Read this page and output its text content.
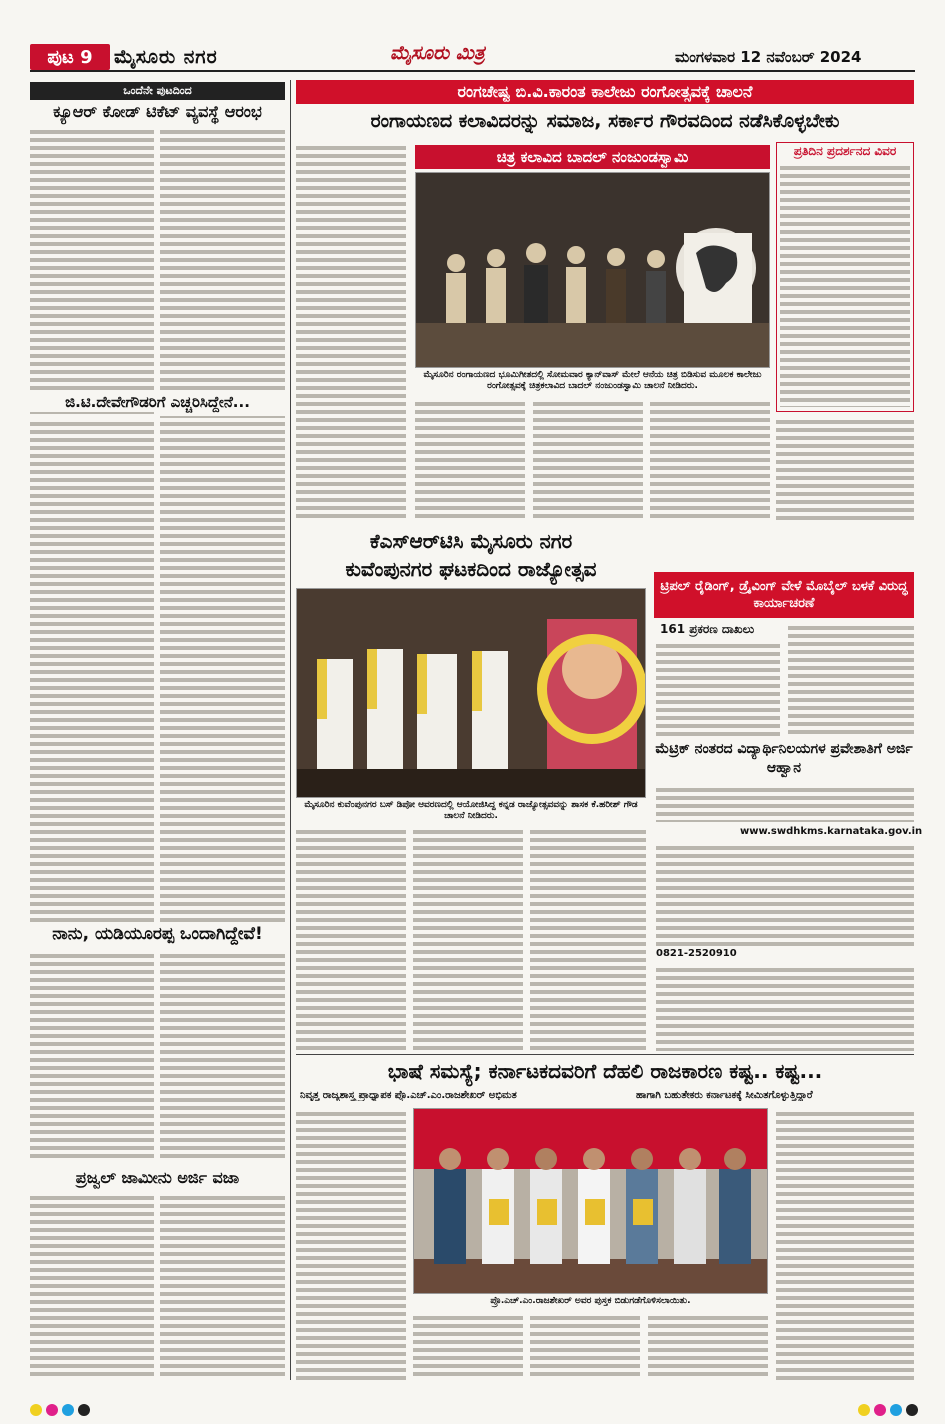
ಪುಟ 9	ಮೈಸೂರು ನಗರ	ಮೈಸೂರು ಮಿತ್ರ	ಮಂಗಳವಾರ 12 ನವೆಂಬರ್ 2024
ಒಂದೆನೇ ಪುಟದಿಂದ
ಕ್ಯೂಆರ್ ಕೋಡ್ ಟಿಕೆಟ್ ವ್ಯವಸ್ಥೆ ಆರಂಭ
ಜಿ.ಟಿ.ದೇವೇಗೌಡರಿಗೆ ಎಚ್ಚರಿಸಿದ್ದೇನೆ...
ನಾನು, ಯಡಿಯೂರಪ್ಪ ಒಂದಾಗಿದ್ದೇವೆ!
ಪ್ರಜ್ವಲ್ ಜಾಮೀನು ಅರ್ಜಿ ವಜಾ
ರಂಗಚೇಷ್ಟ ಬಿ.ವಿ.ಕಾರಂತ ಕಾಲೇಜು ರಂಗೋತ್ಸವಕ್ಕೆ ಚಾಲನೆ
ರಂಗಾಯಣದ ಕಲಾವಿದರನ್ನು ಸಮಾಜ, ಸರ್ಕಾರ ಗೌರವದಿಂದ ನಡೆಸಿಕೊಳ್ಳಬೇಕು
ಚಿತ್ರ ಕಲಾವಿದ ಬಾದಲ್ ನಂಜುಂಡಸ್ವಾಮಿ
ಮೈಸೂರಿನ ರಂಗಾಯಣದ ಭೂಮಿಗೀತದಲ್ಲಿ ಸೋಮವಾರ ಕ್ಯಾನ್‌ವಾಸ್ ಮೇಲೆ ಆನೆಯ ಚಿತ್ರ ಬಿಡಿಸುವ ಮೂಲಕ ಕಾಲೇಜು ರಂಗೋತ್ಸವಕ್ಕೆ ಚಿತ್ರಕಲಾವಿದ ಬಾದಲ್ ನಂಜುಂಡಸ್ವಾಮಿ ಚಾಲನೆ ನೀಡಿದರು.
ಪ್ರತಿದಿನ ಪ್ರದರ್ಶನದ ವಿವರ
ಕೆಎಸ್‌ಆರ್‌ಟಿಸಿ ಮೈಸೂರು ನಗರ
ಕುವೆಂಪುನಗರ ಘಟಕದಿಂದ ರಾಜ್ಯೋತ್ಸವ
ಮೈಸೂರಿನ ಕುವೆಂಪುನಗರ ಬಸ್ ಡಿಪೋ ಆವರಣದಲ್ಲಿ ಆಯೋಜಿಸಿದ್ದ ಕನ್ನಡ ರಾಜ್ಯೋತ್ಸವವನ್ನು ಶಾಸಕ ಕೆ.ಹರೀಶ್ ಗೌಡ ಚಾಲನೆ ನೀಡಿದರು.
ಟ್ರಿಪಲ್ ರೈಡಿಂಗ್, ಡ್ರೈವಿಂಗ್ ವೇಳೆ ಮೊಬೈಲ್ ಬಳಕೆ ವಿರುದ್ಧ ಕಾರ್ಯಾಚರಣೆ
161 ಪ್ರಕರಣ ದಾಖಲು
ಮೆಟ್ರಿಕ್ ನಂತರದ ವಿದ್ಯಾರ್ಥಿನಿಲಯಗಳ ಪ್ರವೇಶಾತಿಗೆ ಅರ್ಜಿ ಆಹ್ವಾನ
www.swdhkms.karnataka.gov.in
0821-2520910
ಭಾಷೆ ಸಮಸ್ಯೆ; ಕರ್ನಾಟಕದವರಿಗೆ ದೆಹಲಿ ರಾಜಕಾರಣ ಕಷ್ಟ.. ಕಷ್ಟ...
ನಿವೃತ್ತ ರಾಜ್ಯಶಾಸ್ತ್ರ ಪ್ರಾಧ್ಯಾಪಕ ಪ್ರೊ.ಎಚ್.ಎಂ.ರಾಜಶೇಖರ್ ಅಭಿಮತ	ಹಾಗಾಗಿ ಬಹುತೇಕರು ಕರ್ನಾಟಕಕ್ಕೆ ಸೀಮಿತಗೊಳ್ಳುತ್ತಿದ್ದಾರೆ
ಪ್ರೊ.ಎಚ್.ಎಂ.ರಾಜಶೇಖರ್ ಅವರ ಪುಸ್ತಕ ಬಿಡುಗಡೆಗೊಳಿಸಲಾಯಿತು.
